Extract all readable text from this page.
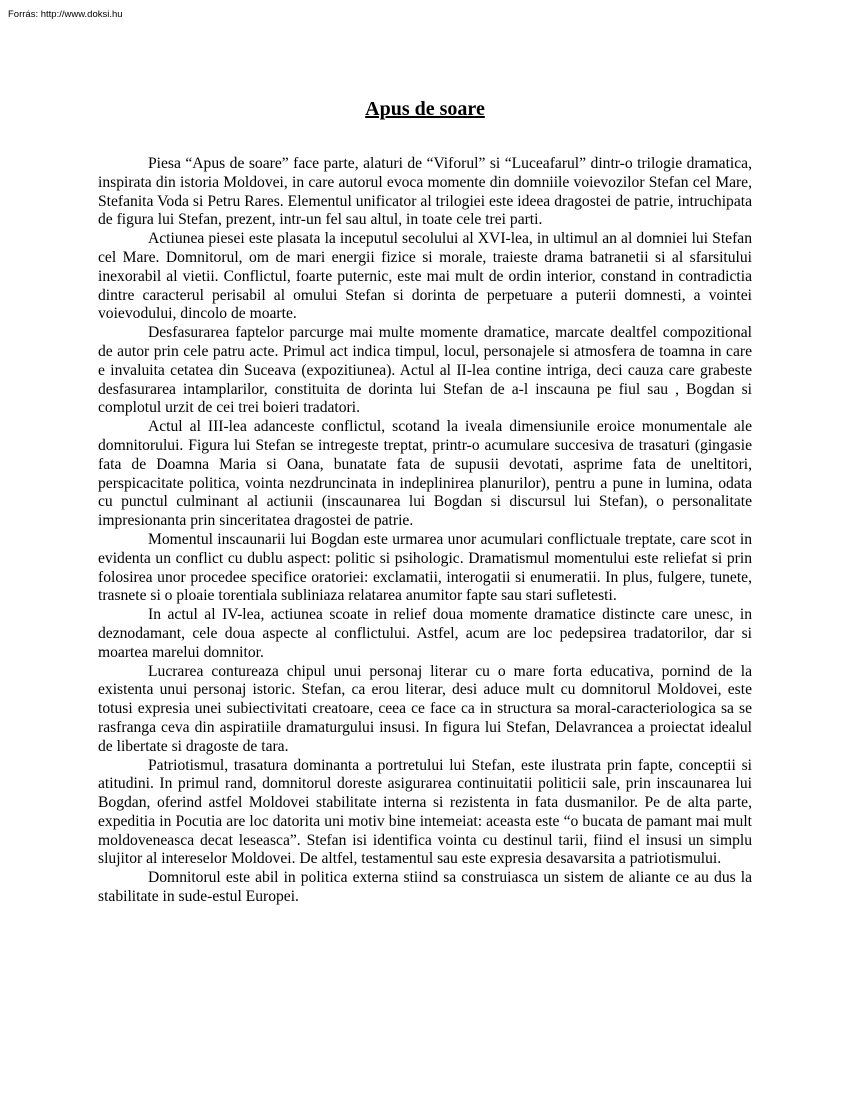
Forrás: http://www.doksi.hu
Apus de soare

Piesa “Apus de soare” face parte, alaturi de “Viforul” si “Luceafarul” dintr-o trilogie dramatica, inspirata din istoria Moldovei, in care autorul evoca momente din domniile voievozilor Stefan cel Mare, Stefanita Voda si Petru Rares. Elementul unificator al trilogiei este ideea dragostei de patrie, intruchipata de figura lui Stefan, prezent, intr-un fel sau altul, in toate cele trei parti.

Actiunea piesei este plasata la inceputul secolului al XVI-lea, in ultimul an al domniei lui Stefan cel Mare. Domnitorul, om de mari energii fizice si morale, traieste drama batranetii si al sfarsitului inexorabil al vietii. Conflictul, foarte puternic, este mai mult de ordin interior, constand in contradictia dintre caracterul perisabil al omului Stefan si dorinta de perpetuare a puterii domnesti, a vointei voievodului, dincolo de moarte.

Desfasurarea faptelor parcurge mai multe momente dramatice, marcate dealtfel compozitional de autor prin cele patru acte. Primul act indica timpul, locul, personajele si atmosfera de toamna in care e invaluita cetatea din Suceava (expozitiunea). Actul al II-lea contine intriga, deci cauza care grabeste desfasurarea intamplarilor, constituita de dorinta lui Stefan de a-l inscauna pe fiul sau , Bogdan si complotul urzit de cei trei boieri tradatori.

Actul al III-lea adanceste conflictul, scotand la iveala dimensiunile eroice monumentale ale domnitorului. Figura lui Stefan se intregeste treptat, printr-o acumulare succesiva de trasaturi (gingasie fata de Doamna Maria si Oana, bunatate fata de supusii devotati, asprime fata de uneltitori, perspicacitate politica, vointa nezdruncinata in indeplinirea planurilor), pentru a pune in lumina, odata cu punctul culminant al actiunii (inscaunarea lui Bogdan si discursul lui Stefan), o personalitate impresionanta prin sinceritatea dragostei de patrie.

Momentul inscaunarii lui Bogdan este urmarea unor acumulari conflictuale treptate, care scot in evidenta un conflict cu dublu aspect: politic si psihologic. Dramatismul momentului este reliefat si prin folosirea unor procedee specifice oratoriei: exclamatii, interogatii si enumeratii. In plus, fulgere, tunete, trasnete si o ploaie torentiala subliniaza relatarea anumitor fapte sau stari sufletesti.

In actul al IV-lea, actiunea scoate in relief doua momente dramatice distincte care unesc, in deznodamant, cele doua aspecte al conflictului. Astfel, acum are loc pedepsirea tradatorilor, dar si moartea marelui domnitor.

Lucrarea contureaza chipul unui personaj literar cu o mare forta educativa, pornind de la existenta unui personaj istoric. Stefan, ca erou literar, desi aduce mult cu domnitorul Moldovei, este totusi expresia unei subiectivitati creatoare, ceea ce face ca in structura sa moral-caracteriologica sa se rasfranga ceva din aspiratiile dramaturgului insusi. In figura lui Stefan, Delavrancea a proiectat idealul de libertate si dragoste de tara.

Patriotismul, trasatura dominanta a portretului lui Stefan, este ilustrata prin fapte, conceptii si atitudini. In primul rand, domnitorul doreste asigurarea continuitatii politicii sale, prin inscaunarea lui Bogdan, oferind astfel Moldovei stabilitate interna si rezistenta in fata dusmanilor. Pe de alta parte, expeditia in Pocutia are loc datorita uni motiv bine intemeiat: aceasta este “o bucata de pamant mai mult moldoveneasca decat leseasca”. Stefan isi identifica vointa cu destinul tarii, fiind el insusi un simplu slujitor al intereselor Moldovei. De altfel, testamentul sau este expresia desavarsita a patriotismului.

Domnitorul este abil in politica externa stiind sa construiasca un sistem de aliante ce au dus la stabilitate in sude-estul Europei.
